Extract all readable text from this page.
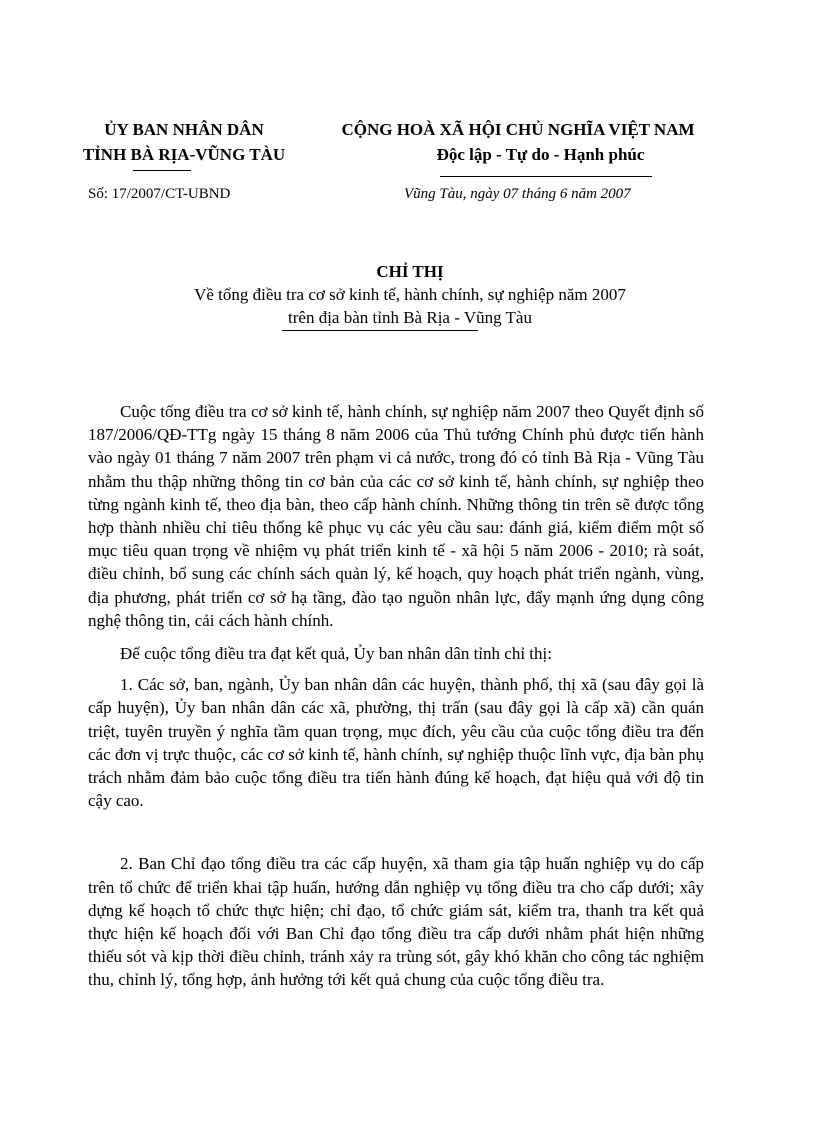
ỦY BAN NHÂN DÂN
TỈNH BÀ RỊA-VŨNG TÀU
CỘNG HOÀ XÃ HỘI CHỦ NGHĨA VIỆT NAM
Độc lập - Tự do - Hạnh phúc
Số: 17/2007/CT-UBND	Vũng Tàu, ngày 07 tháng 6 năm 2007
CHỈ THỊ
Về tổng điều tra cơ sở kinh tế, hành chính, sự nghiệp năm 2007
trên địa bàn tỉnh Bà Rịa - Vũng Tàu

Cuộc tổng điều tra cơ sở kinh tế, hành chính, sự nghiệp năm 2007 theo Quyết định số 187/2006/QĐ-TTg ngày 15 tháng 8 năm 2006 của Thủ tướng Chính phủ được tiến hành vào ngày 01 tháng 7 năm 2007 trên phạm vi cả nước, trong đó có tỉnh Bà Rịa - Vũng Tàu nhằm thu thập những thông tin cơ bản của các cơ sở kinh tế, hành chính, sự nghiệp theo từng ngành kinh tế, theo địa bàn, theo cấp hành chính. Những thông tin trên sẽ được tổng hợp thành nhiều chỉ tiêu thống kê phục vụ các yêu cầu sau: đánh giá, kiểm điểm một số mục tiêu quan trọng về nhiệm vụ phát triển kinh tế - xã hội 5 năm 2006 - 2010; rà soát, điều chỉnh, bổ sung các chính sách quản lý, kế hoạch, quy hoạch phát triển ngành, vùng, địa phương, phát triển cơ sở hạ tầng, đào tạo nguồn nhân lực, đẩy mạnh ứng dụng công nghệ thông tin, cải cách hành chính.

Để cuộc tổng điều tra đạt kết quả, Ủy ban nhân dân tỉnh chỉ thị:

1. Các sở, ban, ngành, Ủy ban nhân dân các huyện, thành phố, thị xã (sau đây gọi là cấp huyện), Ủy ban nhân dân các xã, phường, thị trấn (sau đây gọi là cấp xã) cần quán triệt, tuyên truyền ý nghĩa tầm quan trọng, mục đích, yêu cầu của cuộc tổng điều tra đến các đơn vị trực thuộc, các cơ sở kinh tế, hành chính, sự nghiệp thuộc lĩnh vực, địa bàn phụ trách nhằm đảm bảo cuộc tổng điều tra tiến hành đúng kế hoạch, đạt hiệu quả với độ tin cậy cao.

2. Ban Chỉ đạo tổng điều tra các cấp huyện, xã tham gia tập huấn nghiệp vụ do cấp trên tổ chức để triển khai tập huấn, hướng dẫn nghiệp vụ tổng điều tra cho cấp dưới; xây dựng kế hoạch tổ chức thực hiện; chỉ đạo, tổ chức giám sát, kiểm tra, thanh tra kết quả thực hiện kế hoạch đối với Ban Chỉ đạo tổng điều tra cấp dưới nhằm phát hiện những thiếu sót và kịp thời điều chỉnh, tránh xảy ra trùng sót, gây khó khăn cho công tác nghiệm thu, chỉnh lý, tổng hợp, ảnh hưởng tới kết quả chung của cuộc tổng điều tra.
